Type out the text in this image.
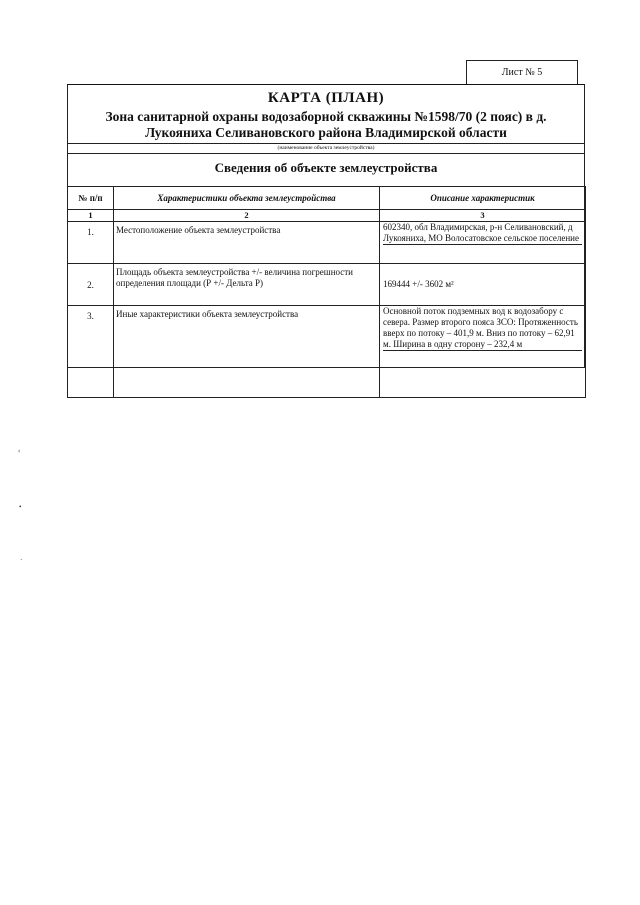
Лист № 5
КАРТА (ПЛАН)
Зона санитарной охраны водозаборной скважины №1598/70 (2 пояс) в д. Лукояниха Селивановского района Владимирской области
(наименование объекта землеустройства)
Сведения об объекте землеустройства
№ п/п	Характеристики объекта землеустройства	Описание характеристик
1	2	3
1.	Местоположение объекта землеустройства	602340, обл Владимирская, р-н Селивановский, д Лукояниха, МО Волосатовское сельское поселение

2.	Площадь объекта землеустройства +/- величина погрешности определения площади (Р +/- Дельта Р)	169444 +/- 3602 м²
3.	Иные характеристики объекта землеустройства	Основной поток подземных вод к водозабору с севера. Размер второго пояса ЗСО: Протяженность вверх по потоку – 401,9 м. Вниз по потоку – 62,91 м. Ширина в одну сторону – 232,4 м
‹
•
·
